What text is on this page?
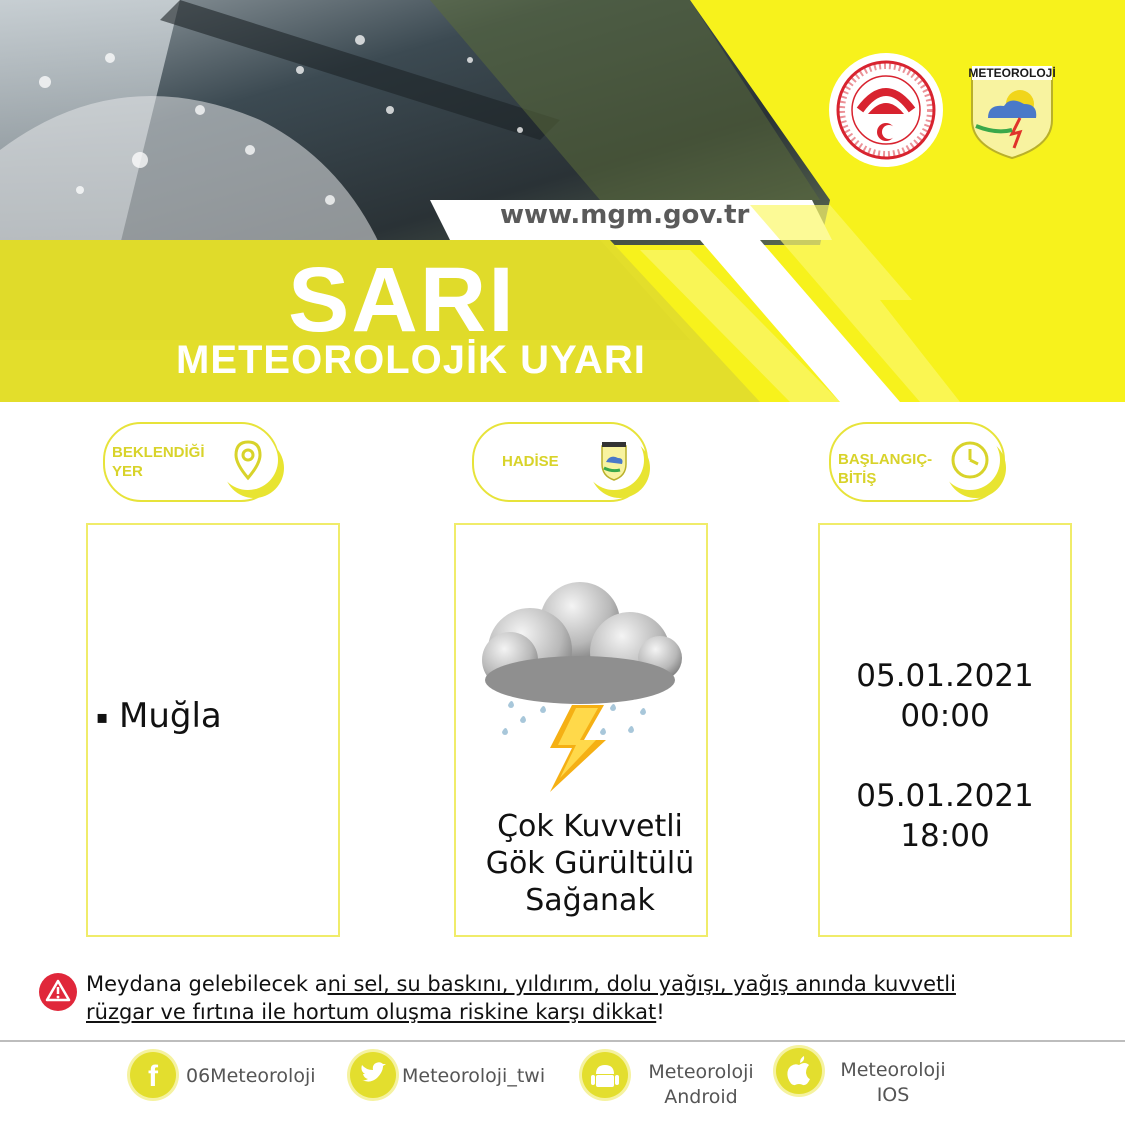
www.mgm.gov.tr
SARI
METEOROLOJİK UYARI
METEOROLOJİ
BEKLENDİĞİ
YER
HADİSE	BAŞLANGIÇ-
BİTİŞ
▪ Muğla
Çok Kuvvetli
Gök Gürültülü
Sağanak
05.01.2021
00:00
05.01.2021
18:00
Meydana gelebilecek ani sel, su baskını, yıldırım, dolu yağışı, yağış anında kuvvetli
rüzgar ve fırtına ile hortum oluşma riskine karşı dikkat!
f 06Meteoroloji	Meteoroloji_twi	Meteoroloji
Android
Meteoroloji
IOS
